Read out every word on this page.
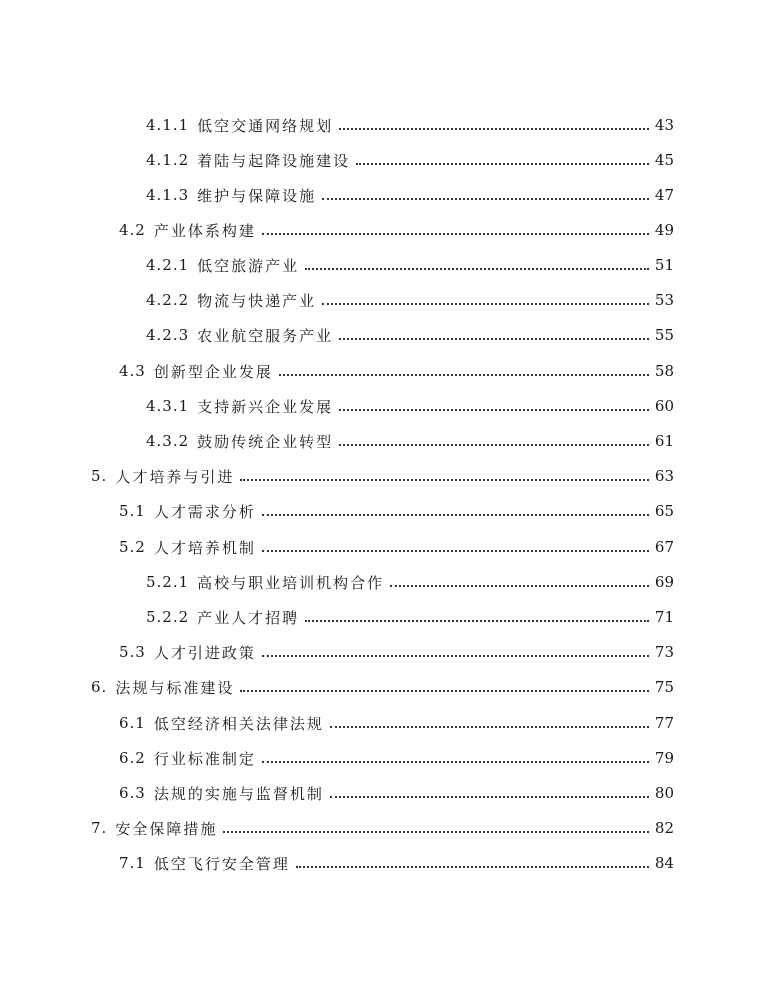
4.1.1 低空交通网络规划	43
4.1.2 着陆与起降设施建设	45
4.1.3 维护与保障设施	47
4.2 产业体系构建	49
4.2.1 低空旅游产业	51
4.2.2 物流与快递产业	53
4.2.3 农业航空服务产业	55
4.3 创新型企业发展	58
4.3.1 支持新兴企业发展	60
4.3.2 鼓励传统企业转型	61
5. 人才培养与引进	63
5.1 人才需求分析	65
5.2 人才培养机制	67
5.2.1 高校与职业培训机构合作	69
5.2.2 产业人才招聘	71
5.3 人才引进政策	73
6. 法规与标准建设	75
6.1 低空经济相关法律法规	77
6.2 行业标准制定	79
6.3 法规的实施与监督机制	80
7. 安全保障措施	82
7.1 低空飞行安全管理	84
